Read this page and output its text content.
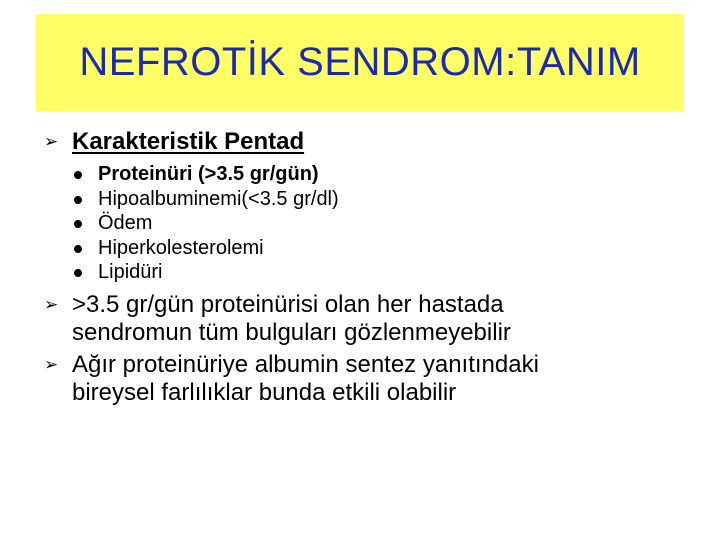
NEFROTİK SENDROM:TANIM
➢ Karakteristik Pentad
Proteinüri (>3.5 gr/gün)
Hipoalbuminemi(<3.5 gr/dl)
Ödem
Hiperkolesterolemi
Lipidüri
➢ >3.5 gr/gün proteinürisi olan her hastada
sendromun tüm bulguları gözlenmeyebilir
➢ Ağır proteinüriye albumin sentez yanıtındaki
bireysel farlılıklar bunda etkili olabilir
